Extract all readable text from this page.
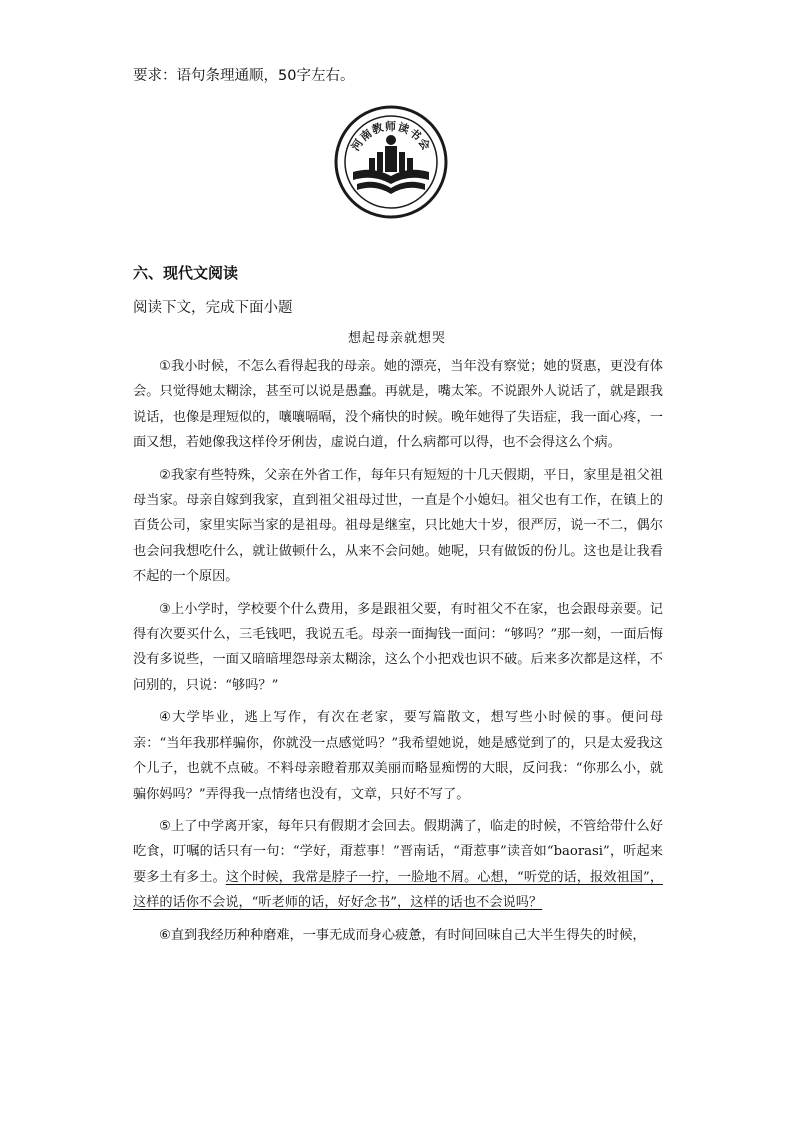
要求：语句条理通顺，50字左右。
河南教师读书会
六、现代文阅读
阅读下文，完成下面小题
想起母亲就想哭

①我小时候，不怎么看得起我的母亲。她的漂亮，当年没有察觉；她的贤惠，更没有体会。只觉得她太糊涂，甚至可以说是愚蠢。再就是，嘴太笨。不说跟外人说话了，就是跟我说话，也像是理短似的，嚷嚷嗝嗝，没个痛快的时候。晚年她得了失语症，我一面心疼，一面又想，若她像我这样伶牙俐齿，虚说白道，什么病都可以得，也不会得这么个病。

②我家有些特殊，父亲在外省工作，每年只有短短的十几天假期，平日，家里是祖父祖母当家。母亲自嫁到我家，直到祖父祖母过世，一直是个小媳妇。祖父也有工作，在镇上的百货公司，家里实际当家的是祖母。祖母是继室，只比她大十岁，很严厉，说一不二，偶尔也会问我想吃什么，就让做顿什么，从来不会问她。她呢，只有做饭的份儿。这也是让我看不起的一个原因。

③上小学时，学校要个什么费用，多是跟祖父要，有时祖父不在家，也会跟母亲要。记得有次要买什么，三毛钱吧，我说五毛。母亲一面掏钱一面问：“够吗？”那一刻，一面后悔没有多说些，一面又暗暗埋怨母亲太糊涂，这么个小把戏也识不破。后来多次都是这样，不问别的，只说：“够吗？”

④大学毕业，逃上写作，有次在老家，要写篇散文，想写些小时候的事。便问母亲：“当年我那样骗你，你就没一点感觉吗？”我希望她说，她是感觉到了的，只是太爱我这个儿子，也就不点破。不料母亲瞪着那双美丽而略显痴愣的大眼，反问我：“你那么小，就骗你妈吗？”弄得我一点情绪也没有，文章，只好不写了。

⑤上了中学离开家，每年只有假期才会回去。假期满了，临走的时候，不管给带什么好吃食，叮嘱的话只有一句：“学好，甭惹事！”晋南话，“甭惹事”读音如“baorasi”，听起来要多土有多土。这个时候，我常是脖子一拧，一脸地不屑。心想，“听党的话，报效祖国”，这样的话你不会说，“听老师的话，好好念书”，这样的话也不会说吗？

⑥直到我经历种种磨难，一事无成而身心疲惫，有时间回味自己大半生得失的时候，
